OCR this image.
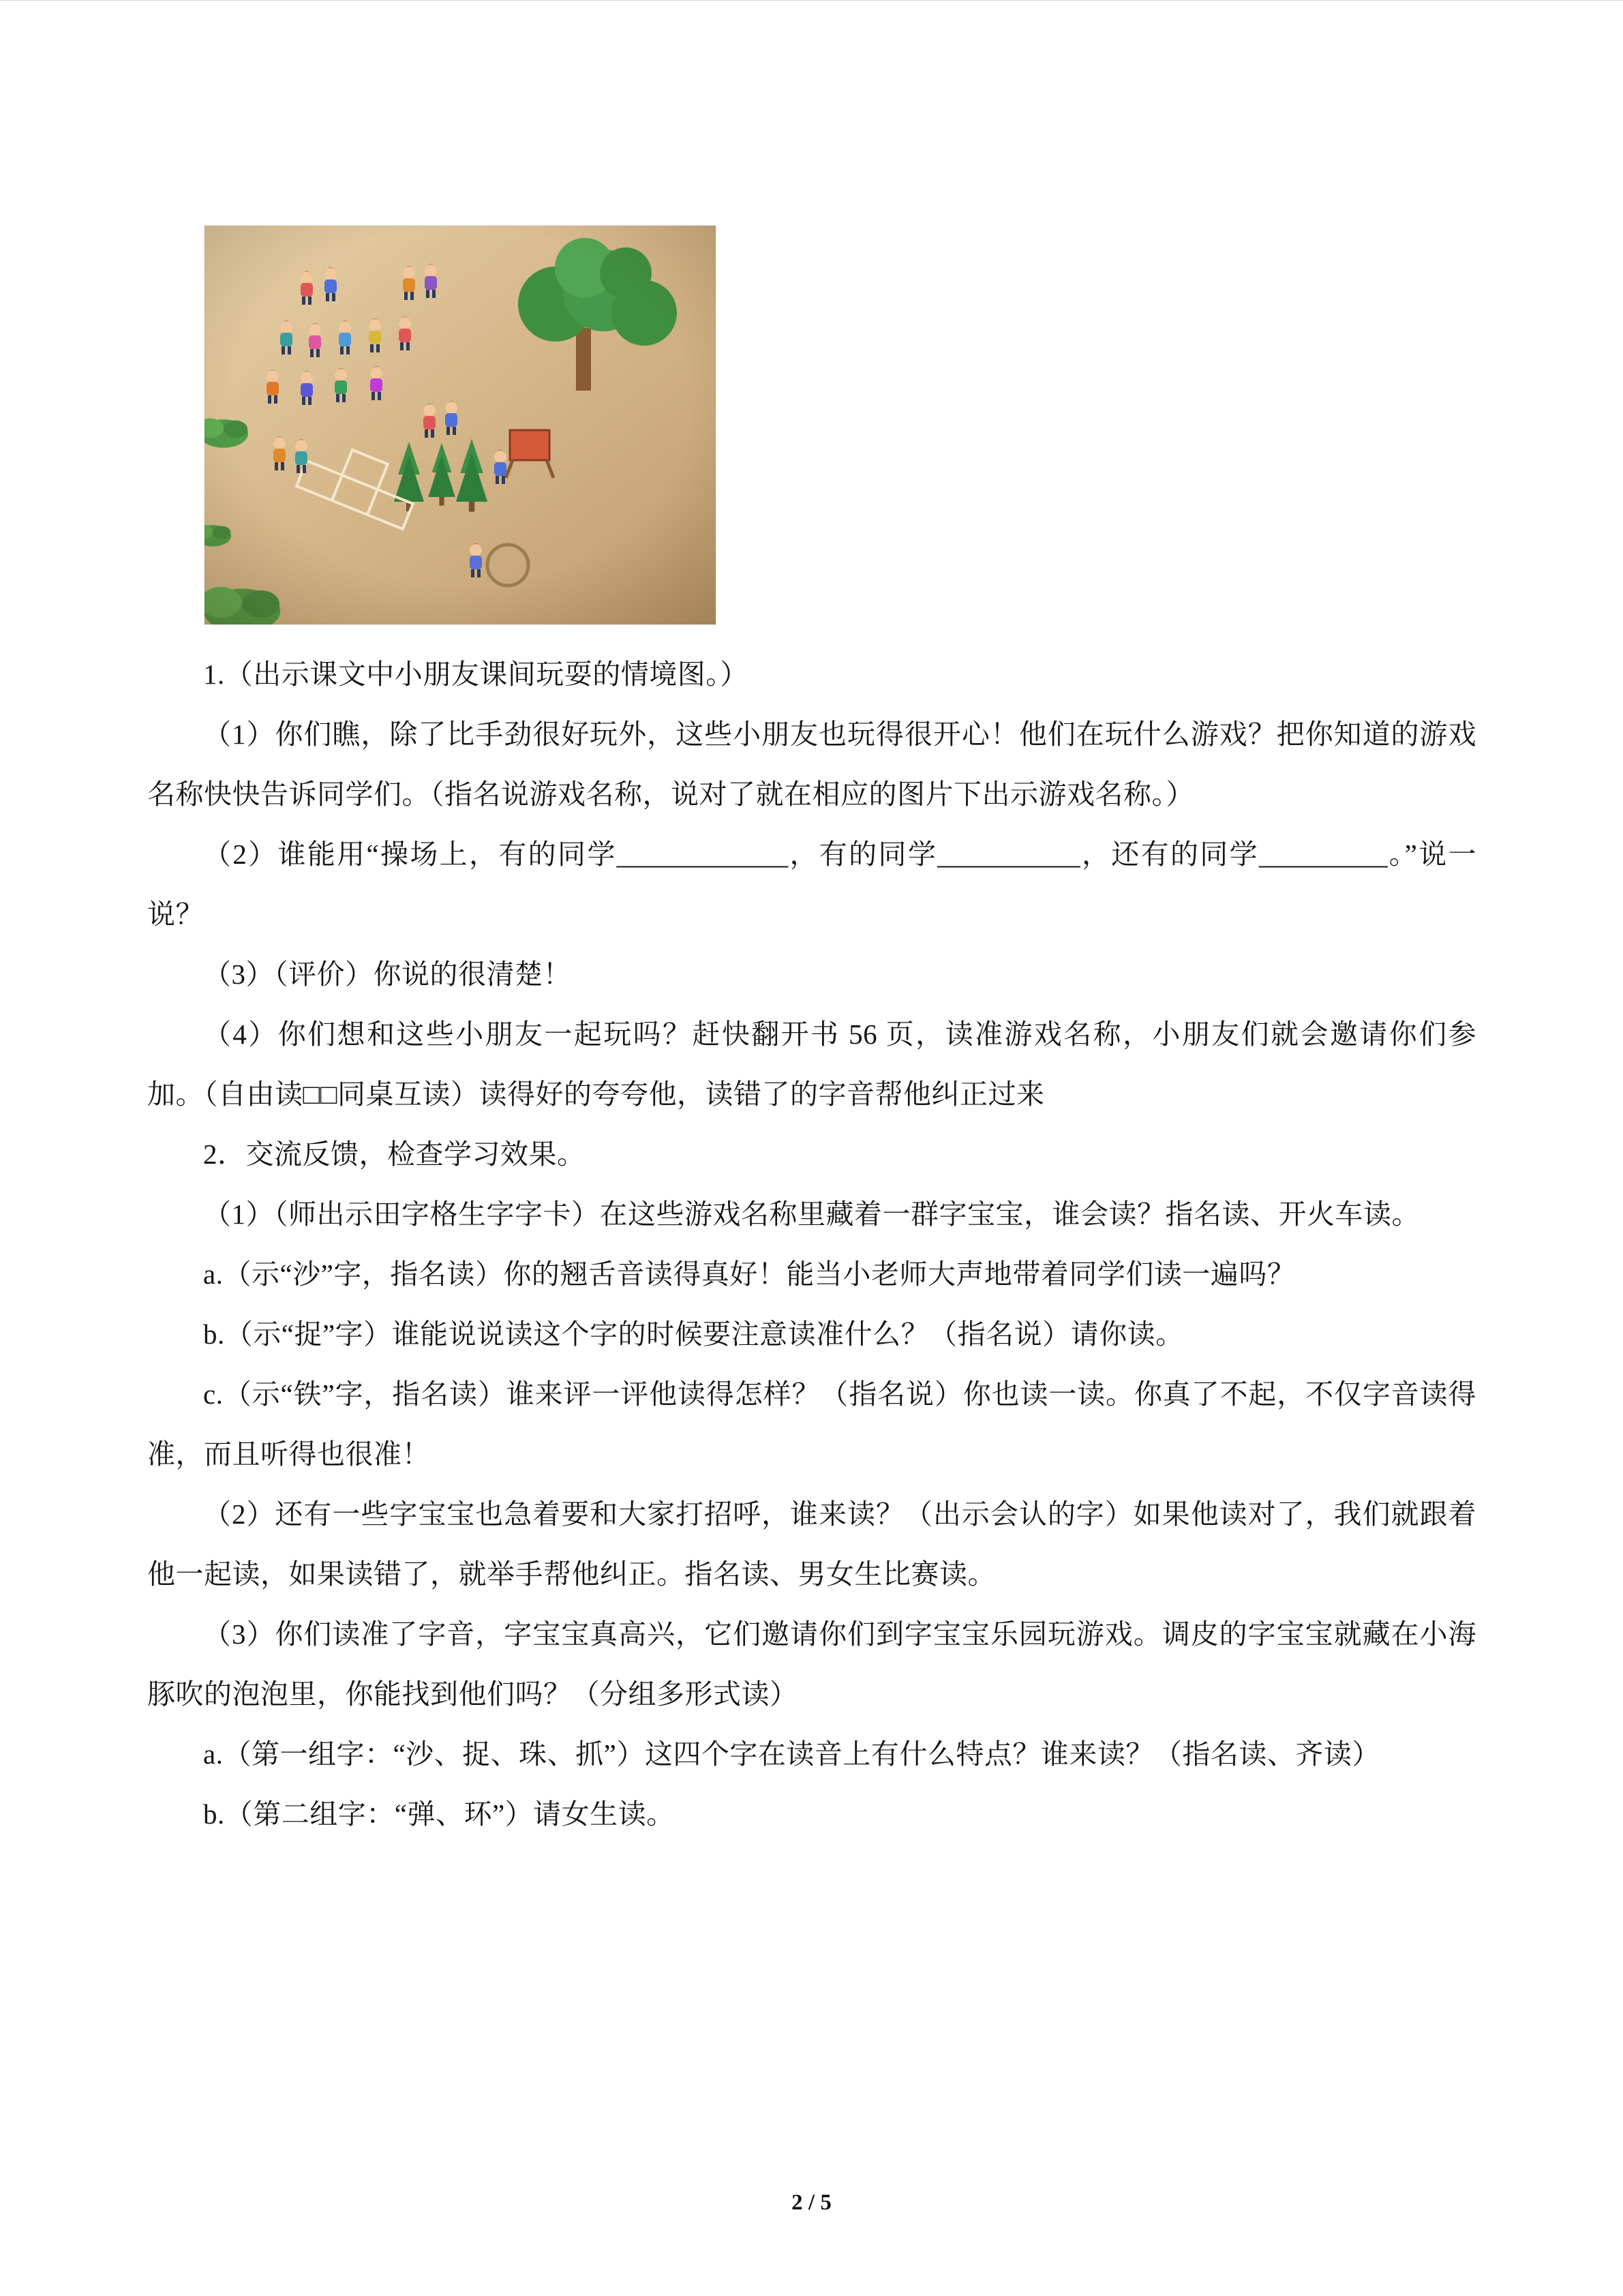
1.（出示课文中小朋友课间玩耍的情境图。）

（1）你们瞧，除了比手劲很好玩外，这些小朋友也玩得很开心！他们在玩什么游戏？把你知道的游戏名称快快告诉同学们。（指名说游戏名称，说对了就在相应的图片下出示游戏名称。）

（2）谁能用“操场上，有的同学____________，有的同学__________，还有的同学_________。”说一说？

（3）（评价）你说的很清楚！

（4）你们想和这些小朋友一起玩吗？赶快翻开书 56 页，读准游戏名称，小朋友们就会邀请你们参加。（自由读□□同桌互读）读得好的夸夸他，读错了的字音帮他纠正过来

2．交流反馈，检查学习效果。

（1）（师出示田字格生字字卡）在这些游戏名称里藏着一群字宝宝，谁会读？指名读、开火车读。

a.（示“沙”字，指名读）你的翘舌音读得真好！能当小老师大声地带着同学们读一遍吗？

b.（示“捉”字）谁能说说读这个字的时候要注意读准什么？（指名说）请你读。

c.（示“铁”字，指名读）谁来评一评他读得怎样？（指名说）你也读一读。你真了不起，不仅字音读得准，而且听得也很准！

（2）还有一些字宝宝也急着要和大家打招呼，谁来读？（出示会认的字）如果他读对了，我们就跟着他一起读，如果读错了，就举手帮他纠正。指名读、男女生比赛读。

（3）你们读准了字音，字宝宝真高兴，它们邀请你们到字宝宝乐园玩游戏。调皮的字宝宝就藏在小海豚吹的泡泡里，你能找到他们吗？（分组多形式读）

a.（第一组字：“沙、捉、珠、抓”）这四个字在读音上有什么特点？谁来读？（指名读、齐读）

b.（第二组字：“弹、环”）请女生读。

2 / 5
